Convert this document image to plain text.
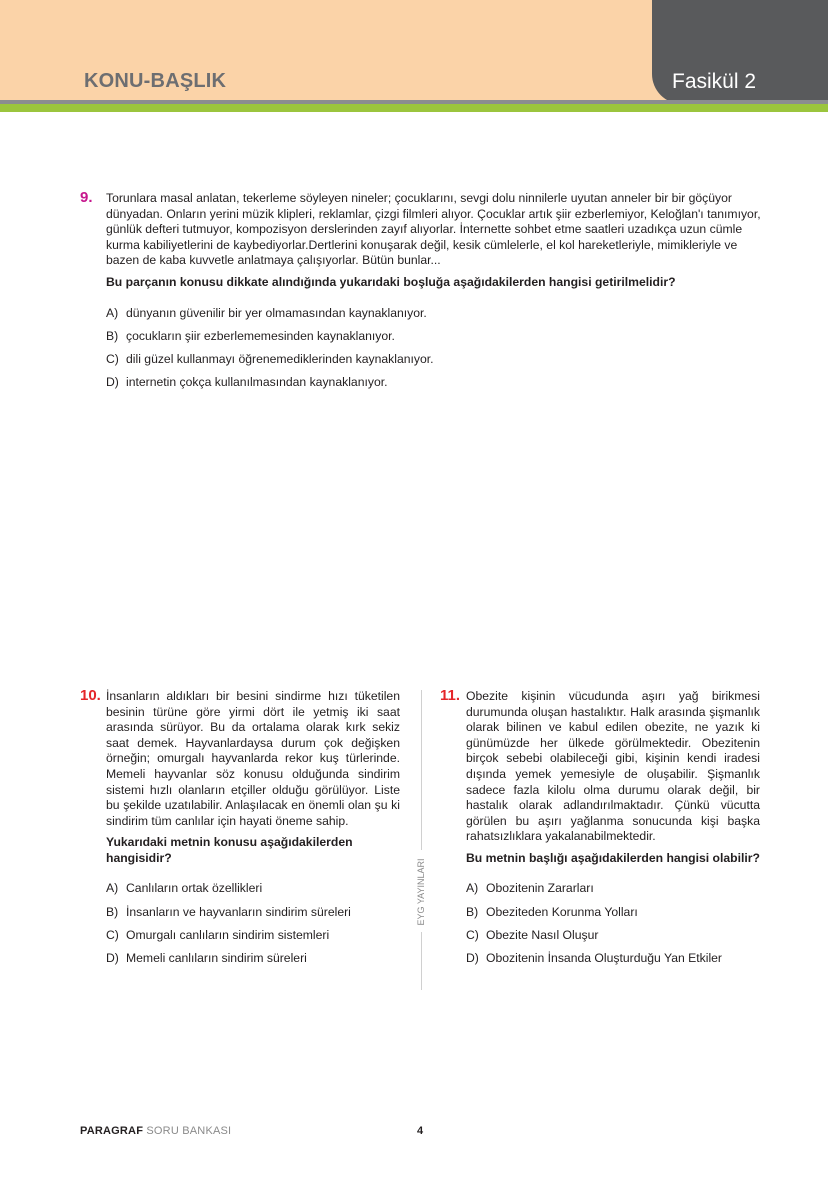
KONU-BAŞLIK	Fasikül 2
9. Torunlara masal anlatan, tekerleme söyleyen nineler; çocuklarını, sevgi dolu ninnilerle uyutan anneler bir bir göçüyor
dünyadan. Onların yerini müzik klipleri, reklamlar, çizgi filmleri alıyor. Çocuklar artık şiir ezberlemiyor, Keloğlan'ı tanımıyor,
günlük defteri tutmuyor, kompozisyon derslerinden zayıf alıyorlar. İnternette sohbet etme saatleri uzadıkça uzun cümle
kurma kabiliyetlerini de kaybediyorlar.Dertlerini konuşarak değil, kesik cümlelerle, el kol hareketleriyle, mimikleriyle ve
bazen de kaba kuvvetle anlatmaya çalışıyorlar. Bütün bunlar...

Bu parçanın konusu dikkate alındığında yukarıdaki boşluğa aşağıdakilerden hangisi getirilmelidir?

A) dünyanın güvenilir bir yer olmamasından kaynaklanıyor.
B) çocukların şiir ezberlememesinden kaynaklanıyor.
C) dili güzel kullanmayı öğrenemediklerinden kaynaklanıyor.
D) internetin çokça kullanılmasından kaynaklanıyor.
10. İnsanların aldıkları bir besini sindirme hızı tüketilen besinin türüne göre yirmi dört ile yetmiş iki saat arasında sürüyor. Bu da ortalama olarak kırk sekiz saat demek. Hayvanlardaysa durum çok değişken örneğin; omurgalı hayvanlarda rekor kuş türlerinde. Memeli hayvanlar söz konusu olduğunda sindirim sistemi hızlı olanların etçiller olduğu görülüyor. Liste bu şekilde uzatılabilir. Anlaşılacak en önemli olan şu ki sindirim tüm canlılar için hayati öneme sahip.

Yukarıdaki metnin konusu aşağıdakilerden hangisidir?

A) Canlıların ortak özellikleri
B) İnsanların ve hayvanların sindirim süreleri
C) Omurgalı canlıların sindirim sistemleri
D) Memeli canlıların sindirim süreleri
EYG YAYINLARI
11. Obezite kişinin vücudunda aşırı yağ birikmesi durumunda oluşan hastalıktır. Halk arasında şişmanlık olarak bilinen ve kabul edilen obezite, ne yazık ki günümüzde her ülkede görülmektedir. Obezitenin birçok sebebi olabileceği gibi, kişinin kendi iradesi dışında yemek yemesiyle de oluşabilir. Şişmanlık sadece fazla kilolu olma durumu olarak değil, bir hastalık olarak adlandırılmaktadır. Çünkü vücutta görülen bu aşırı yağlanma sonucunda kişi başka rahatsızlıklara yakalanabilmektedir.

Bu metnin başlığı aşağıdakilerden hangisi olabilir?

A) Obozitenin Zararları
B) Obeziteden Korunma Yolları
C) Obezite Nasıl Oluşur
D) Obozitenin İnsanda Oluşturduğu Yan Etkiler
PARAGRAF SORU BANKASI	4
